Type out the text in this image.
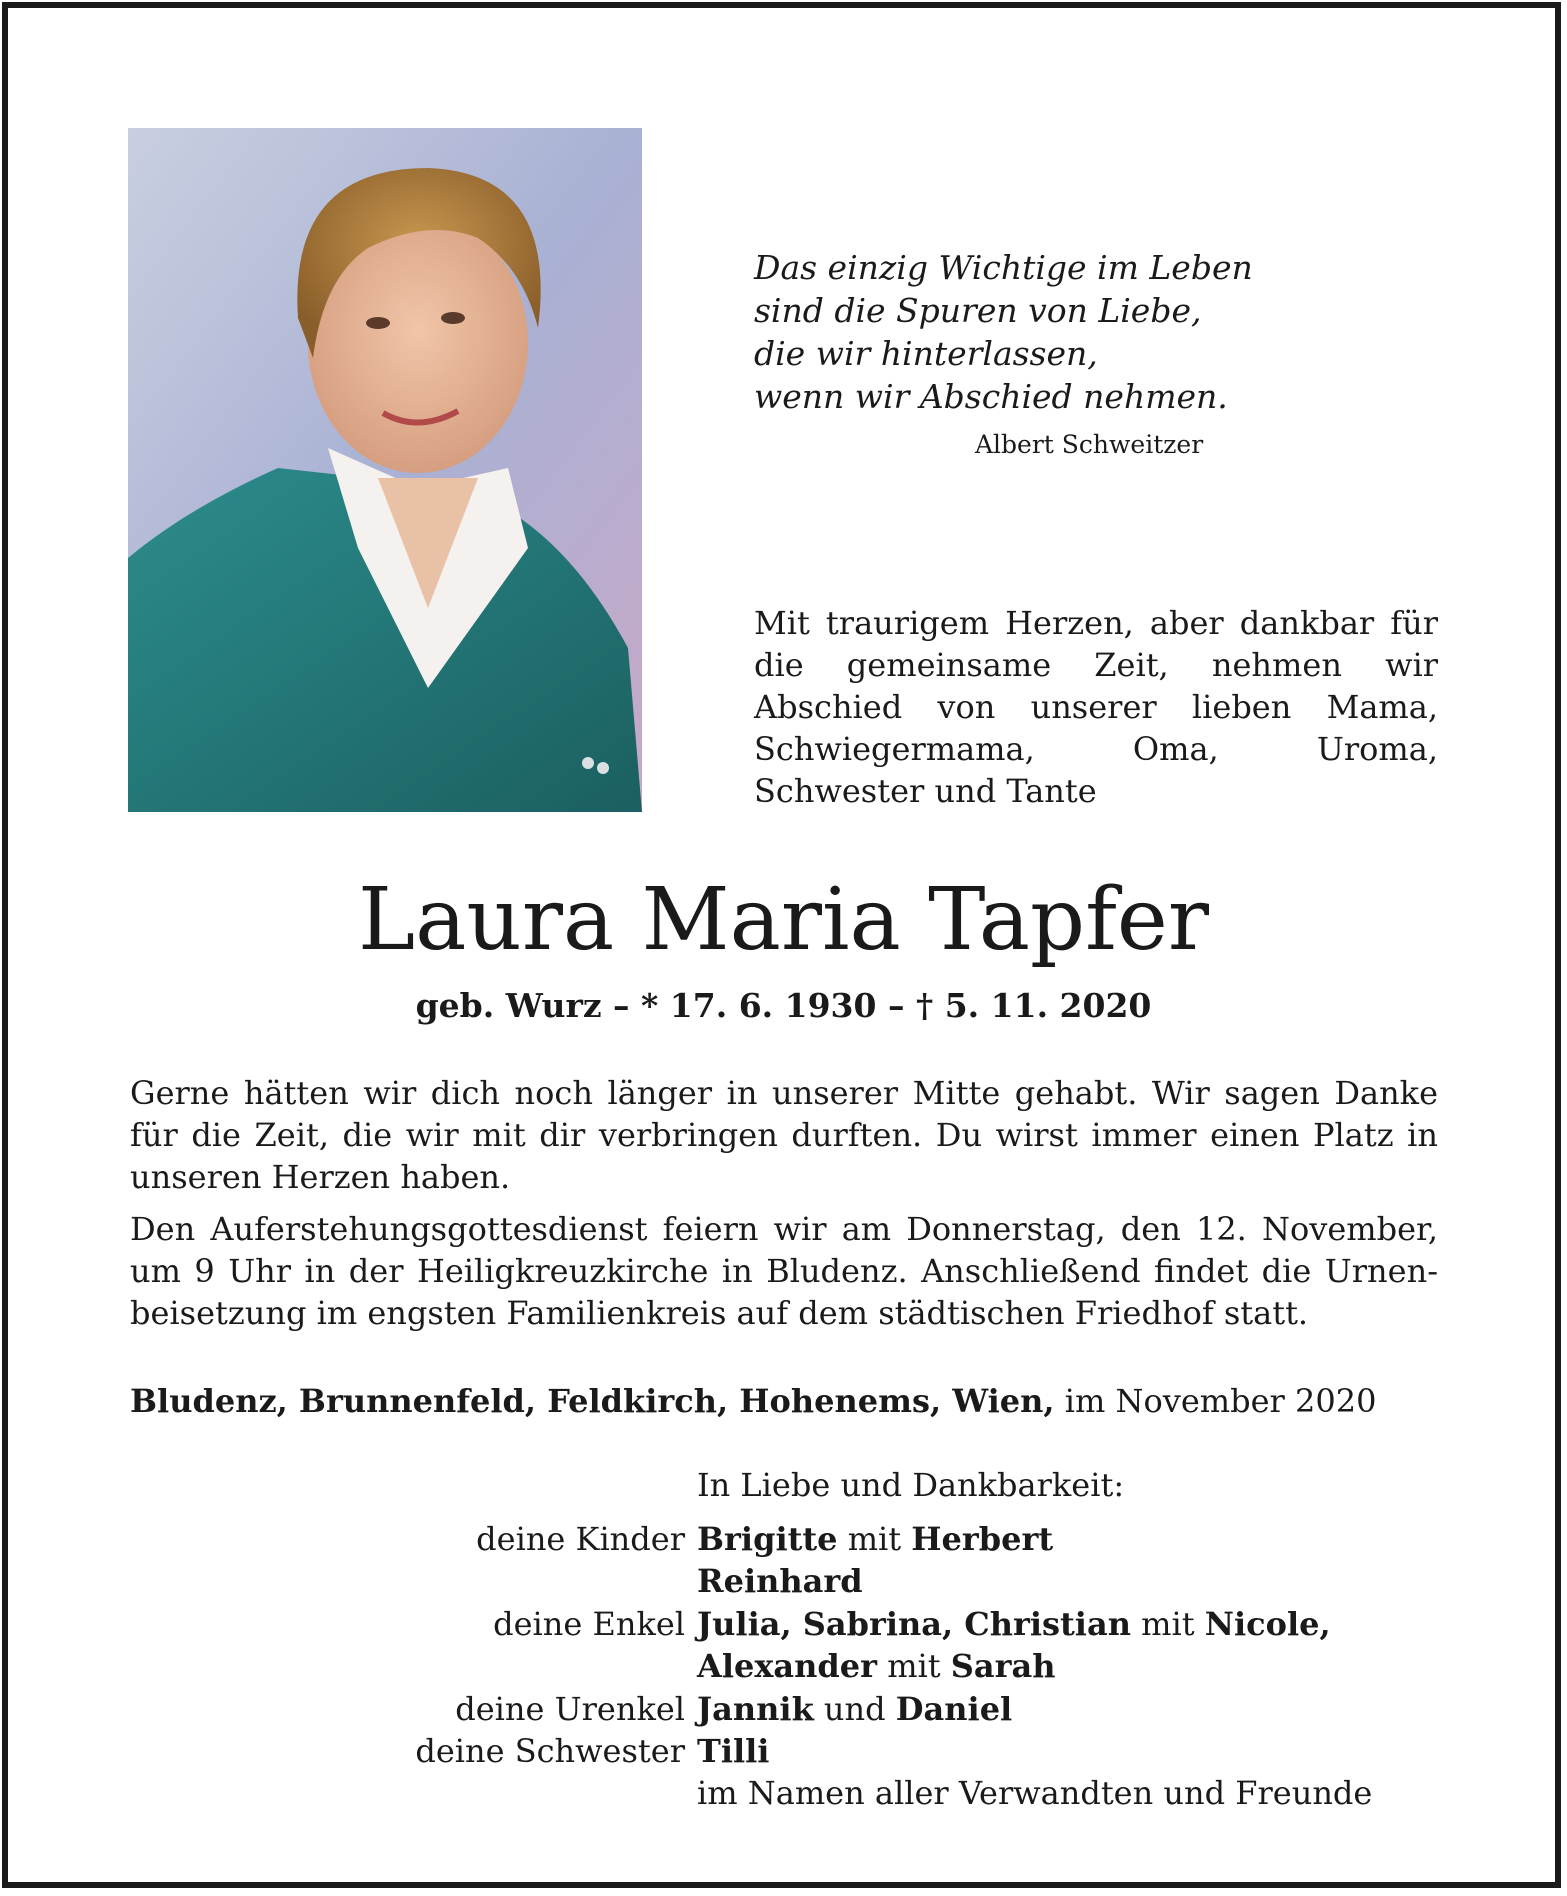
Das einzig Wichtige im Leben
sind die Spuren von Liebe,
die wir hinterlassen,
wenn wir Abschied nehmen.
Albert Schweitzer
Mit traurigem Herzen, aber dankbar für die gemeinsame Zeit, nehmen wir Abschied von unserer lieben Mama, Schwiegermama, Oma, Uroma, Schwester und Tante
Laura Maria Tapfer
geb. Wurz – * 17. 6. 1930 – † 5. 11. 2020
Gerne hätten wir dich noch länger in unserer Mitte gehabt. Wir sagen Danke für die Zeit, die wir mit dir verbringen durften. Du wirst immer einen Platz in unseren Herzen haben.
Den Auferstehungsgottesdienst feiern wir am Donnerstag, den 12. November, um 9 Uhr in der Heiligkreuzkirche in Bludenz. Anschließend findet die Urnenbeisetzung im engsten Familienkreis auf dem städtischen Friedhof statt.
Bludenz, Brunnenfeld, Feldkirch, Hohenems, Wien, im November 2020
In Liebe und Dankbarkeit:
deine Kinder Brigitte mit Herbert
Reinhard
deine Enkel Julia, Sabrina, Christian mit Nicole,
Alexander mit Sarah
deine Urenkel Jannik und Daniel
deine Schwester Tilli
im Namen aller Verwandten und Freunde
